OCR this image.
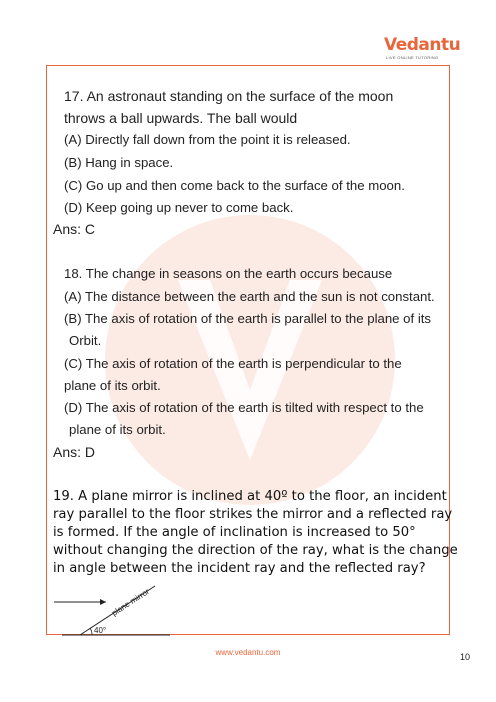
Vedantu
LIVE ONLINE TUTORING
17. An astronaut standing on the surface of the moon
throws a ball upwards. The ball would
(A) Directly fall down from the point it is released.
(B) Hang in space.
(C) Go up and then come back to the surface of the moon.
(D) Keep going up never to come back.
Ans: C
18. The change in seasons on the earth occurs because
(A) The distance between the earth and the sun is not constant.
(B) The axis of rotation of the earth is parallel to the plane of its
Orbit.
(C) The axis of rotation of the earth is perpendicular to the
plane of its orbit.
(D) The axis of rotation of the earth is tilted with respect to the
plane of its orbit.
Ans: D
19. A plane mirror is inclined at 40º to the floor, an incident
ray parallel to the floor strikes the mirror and a reflected ray
is formed. If the angle of inclination is increased to 50°
without changing the direction of the ray, what is the change
in angle between the incident ray and the reflected ray?
plane mirror
40°
www.vedantu.com	10
